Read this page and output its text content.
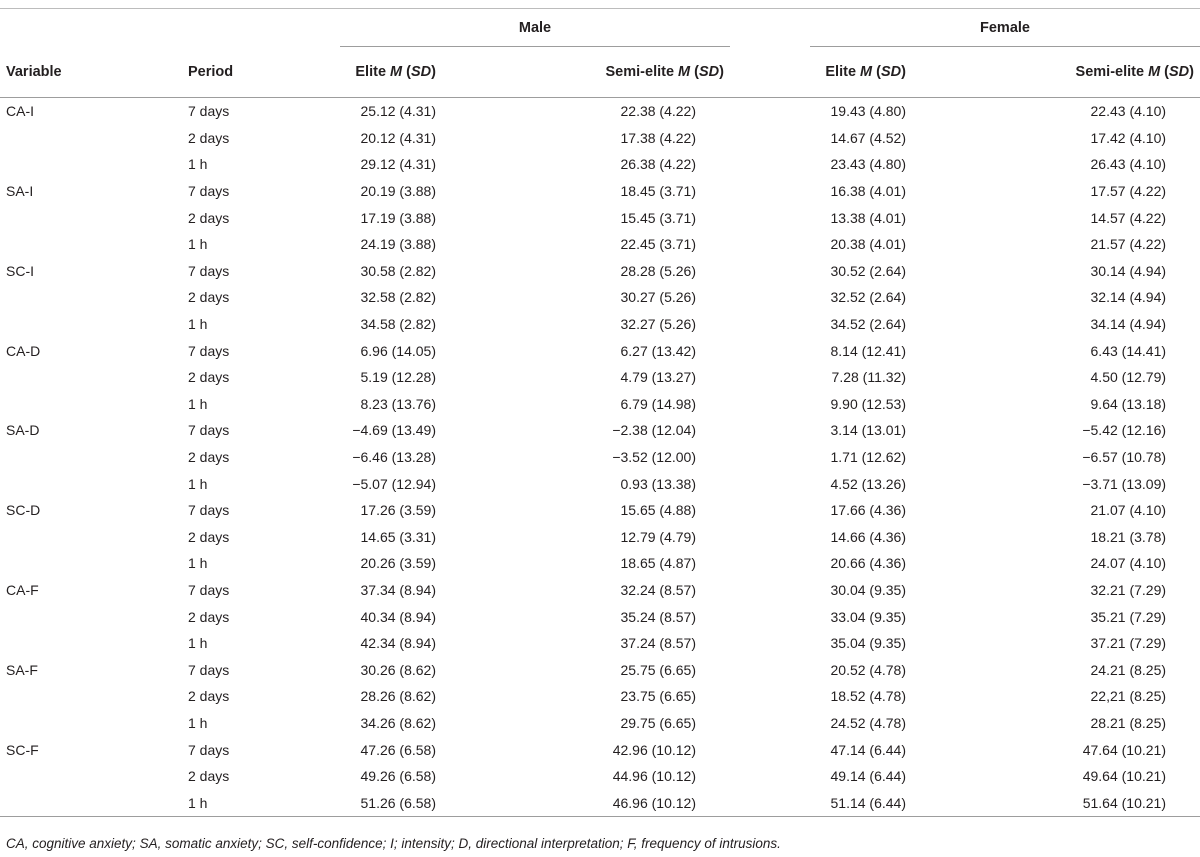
		Male			Female	
Variable	Period	Elite M (SD)	Semi-elite M (SD)		Elite M (SD)	Semi-elite M (SD)
CA-I	7 days	25.12 (4.31)	22.38 (4.22)		19.43 (4.80)	22.43 (4.10)
	2 days	20.12 (4.31)	17.38 (4.22)		14.67 (4.52)	17.42 (4.10)
	1 h	29.12 (4.31)	26.38 (4.22)		23.43 (4.80)	26.43 (4.10)
SA-I	7 days	20.19 (3.88)	18.45 (3.71)		16.38 (4.01)	17.57 (4.22)
	2 days	17.19 (3.88)	15.45 (3.71)		13.38 (4.01)	14.57 (4.22)
	1 h	24.19 (3.88)	22.45 (3.71)		20.38 (4.01)	21.57 (4.22)
SC-I	7 days	30.58 (2.82)	28.28 (5.26)		30.52 (2.64)	30.14 (4.94)
	2 days	32.58 (2.82)	30.27 (5.26)		32.52 (2.64)	32.14 (4.94)
	1 h	34.58 (2.82)	32.27 (5.26)		34.52 (2.64)	34.14 (4.94)
CA-D	7 days	6.96 (14.05)	6.27 (13.42)		8.14 (12.41)	6.43 (14.41)
	2 days	5.19 (12.28)	4.79 (13.27)		7.28 (11.32)	4.50 (12.79)
	1 h	8.23 (13.76)	6.79 (14.98)		9.90 (12.53)	9.64 (13.18)
SA-D	7 days	−4.69 (13.49)	−2.38 (12.04)		3.14 (13.01)	−5.42 (12.16)
	2 days	−6.46 (13.28)	−3.52 (12.00)		1.71 (12.62)	−6.57 (10.78)
	1 h	−5.07 (12.94)	0.93 (13.38)		4.52 (13.26)	−3.71 (13.09)
SC-D	7 days	17.26 (3.59)	15.65 (4.88)		17.66 (4.36)	21.07 (4.10)
	2 days	14.65 (3.31)	12.79 (4.79)		14.66 (4.36)	18.21 (3.78)
	1 h	20.26 (3.59)	18.65 (4.87)		20.66 (4.36)	24.07 (4.10)
CA-F	7 days	37.34 (8.94)	32.24 (8.57)		30.04 (9.35)	32.21 (7.29)
	2 days	40.34 (8.94)	35.24 (8.57)		33.04 (9.35)	35.21 (7.29)
	1 h	42.34 (8.94)	37.24 (8.57)		35.04 (9.35)	37.21 (7.29)
SA-F	7 days	30.26 (8.62)	25.75 (6.65)		20.52 (4.78)	24.21 (8.25)
	2 days	28.26 (8.62)	23.75 (6.65)		18.52 (4.78)	22,21 (8.25)
	1 h	34.26 (8.62)	29.75 (6.65)		24.52 (4.78)	28.21 (8.25)
SC-F	7 days	47.26 (6.58)	42.96 (10.12)		47.14 (6.44)	47.64 (10.21)
	2 days	49.26 (6.58)	44.96 (10.12)		49.14 (6.44)	49.64 (10.21)
	1 h	51.26 (6.58)	46.96 (10.12)		51.14 (6.44)	51.64 (10.21)
CA, cognitive anxiety; SA, somatic anxiety; SC, self-confidence; I; intensity; D, directional interpretation; F, frequency of intrusions.
